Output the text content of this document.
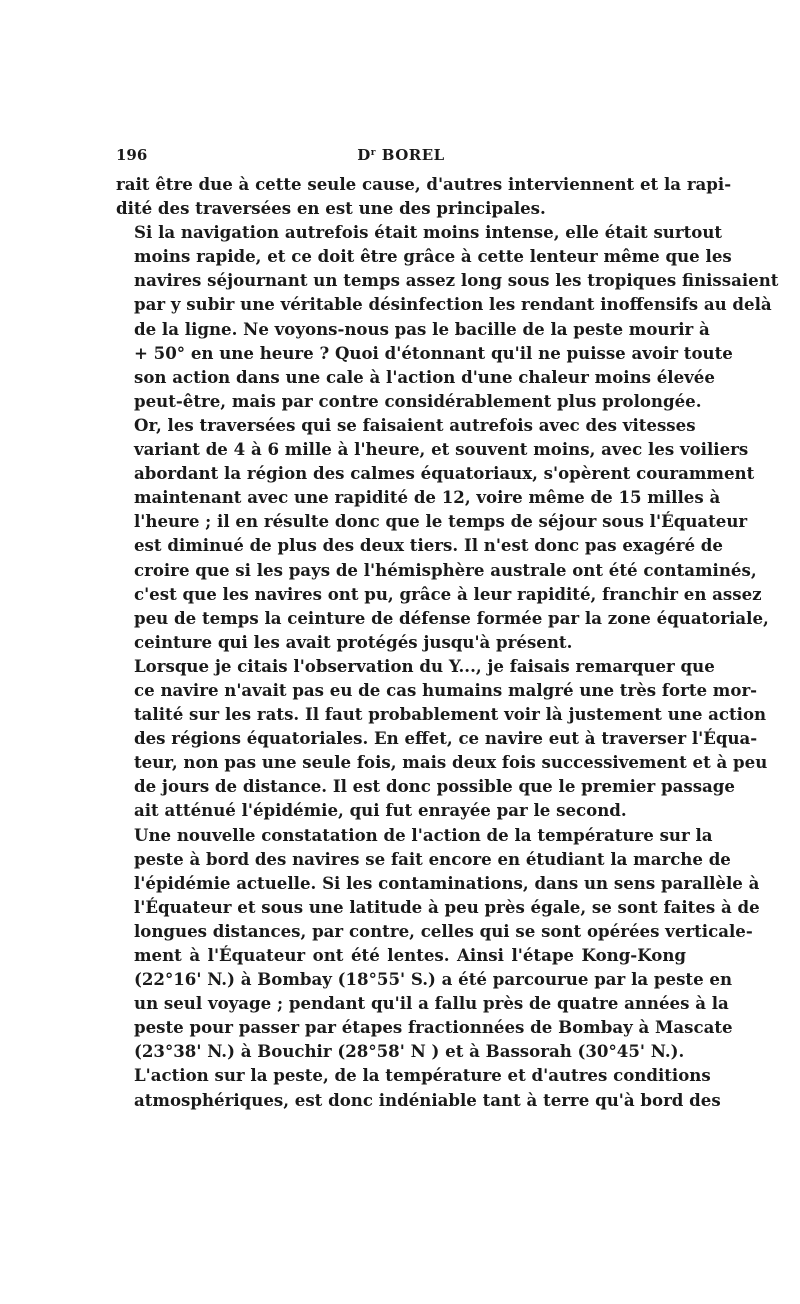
196	$D^r$ BOREL

rait être due à cette seule cause, d'autres interviennent et la rapi-
dité des traversées en est une des principales.

Si la navigation autrefois était moins intense, elle était surtout
moins rapide, et ce doit être grâce à cette lenteur même que les
navires séjournant un temps assez long sous les tropiques finissaient
par y subir une véritable désinfection les rendant inoffensifs au delà
de la ligne. Ne voyons-nous pas le bacille de la peste mourir à
+ 50° en une heure ? Quoi d'étonnant qu'il ne puisse avoir toute
son action dans une cale à l'action d'une chaleur moins élevée
peut-être, mais par contre considérablement plus prolongée.

Or, les traversées qui se faisaient autrefois avec des vitesses
variant de 4 à 6 mille à l'heure, et souvent moins, avec les voiliers
abordant la région des calmes équatoriaux, s'opèrent couramment
maintenant avec une rapidité de 12, voire même de 15 milles à
l'heure ; il en résulte donc que le temps de séjour sous l'Équateur
est diminué de plus des deux tiers. Il n'est donc pas exagéré de
croire que si les pays de l'hémisphère australe ont été contaminés,
c'est que les navires ont pu, grâce à leur rapidité, franchir en assez
peu de temps la ceinture de défense formée par la zone équatoriale,
ceinture qui les avait protégés jusqu'à présent.

Lorsque je citais l'observation du Y..., je faisais remarquer que
ce navire n'avait pas eu de cas humains malgré une très forte mor-
talité sur les rats. Il faut probablement voir là justement une action
des régions équatoriales. En effet, ce navire eut à traverser l'Équa-
teur, non pas une seule fois, mais deux fois successivement et à peu
de jours de distance. Il est donc possible que le premier passage
ait atténué l'épidémie, qui fut enrayée par le second.

Une nouvelle constatation de l'action de la température sur la
peste à bord des navires se fait encore en étudiant la marche de
l'épidémie actuelle. Si les contaminations, dans un sens parallèle à
l'Équateur et sous une latitude à peu près égale, se sont faites à de
longues distances, par contre, celles qui se sont opérées verticale-
ment à l'Équateur ont été lentes. Ainsi l'étape Kong-Kong
(22°16' N.) à Bombay (18°55' S.) a été parcourue par la peste en
un seul voyage ; pendant qu'il a fallu près de quatre années à la
peste pour passer par étapes fractionnées de Bombay à Mascate
(23°38' N.) à Bouchir (28°58' N ) et à Bassorah (30°45' N.).

L'action sur la peste, de la température et d'autres conditions
atmosphériques, est donc indéniable tant à terre qu'à bord des
